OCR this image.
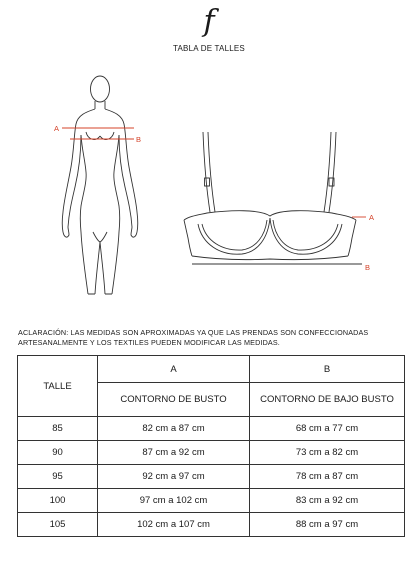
f
TABLA DE TALLES
A
B
A
B
ACLARACIÓN: LAS MEDIDAS SON APROXIMADAS YA QUE LAS PRENDAS SON CONFECCIONADAS
ARTESANALMENTE Y LOS TEXTILES PUEDEN MODIFICAR LAS MEDIDAS.
TALLE	A	B
	CONTORNO DE BUSTO	CONTORNO DE BAJO BUSTO
85	82 cm a 87 cm	68 cm a 77 cm
90	87 cm a 92 cm	73 cm a 82 cm
95	92 cm a 97 cm	78 cm a 87 cm
100	97 cm a 102 cm	83 cm a 92 cm
105	102 cm a 107 cm	88 cm a 97 cm
